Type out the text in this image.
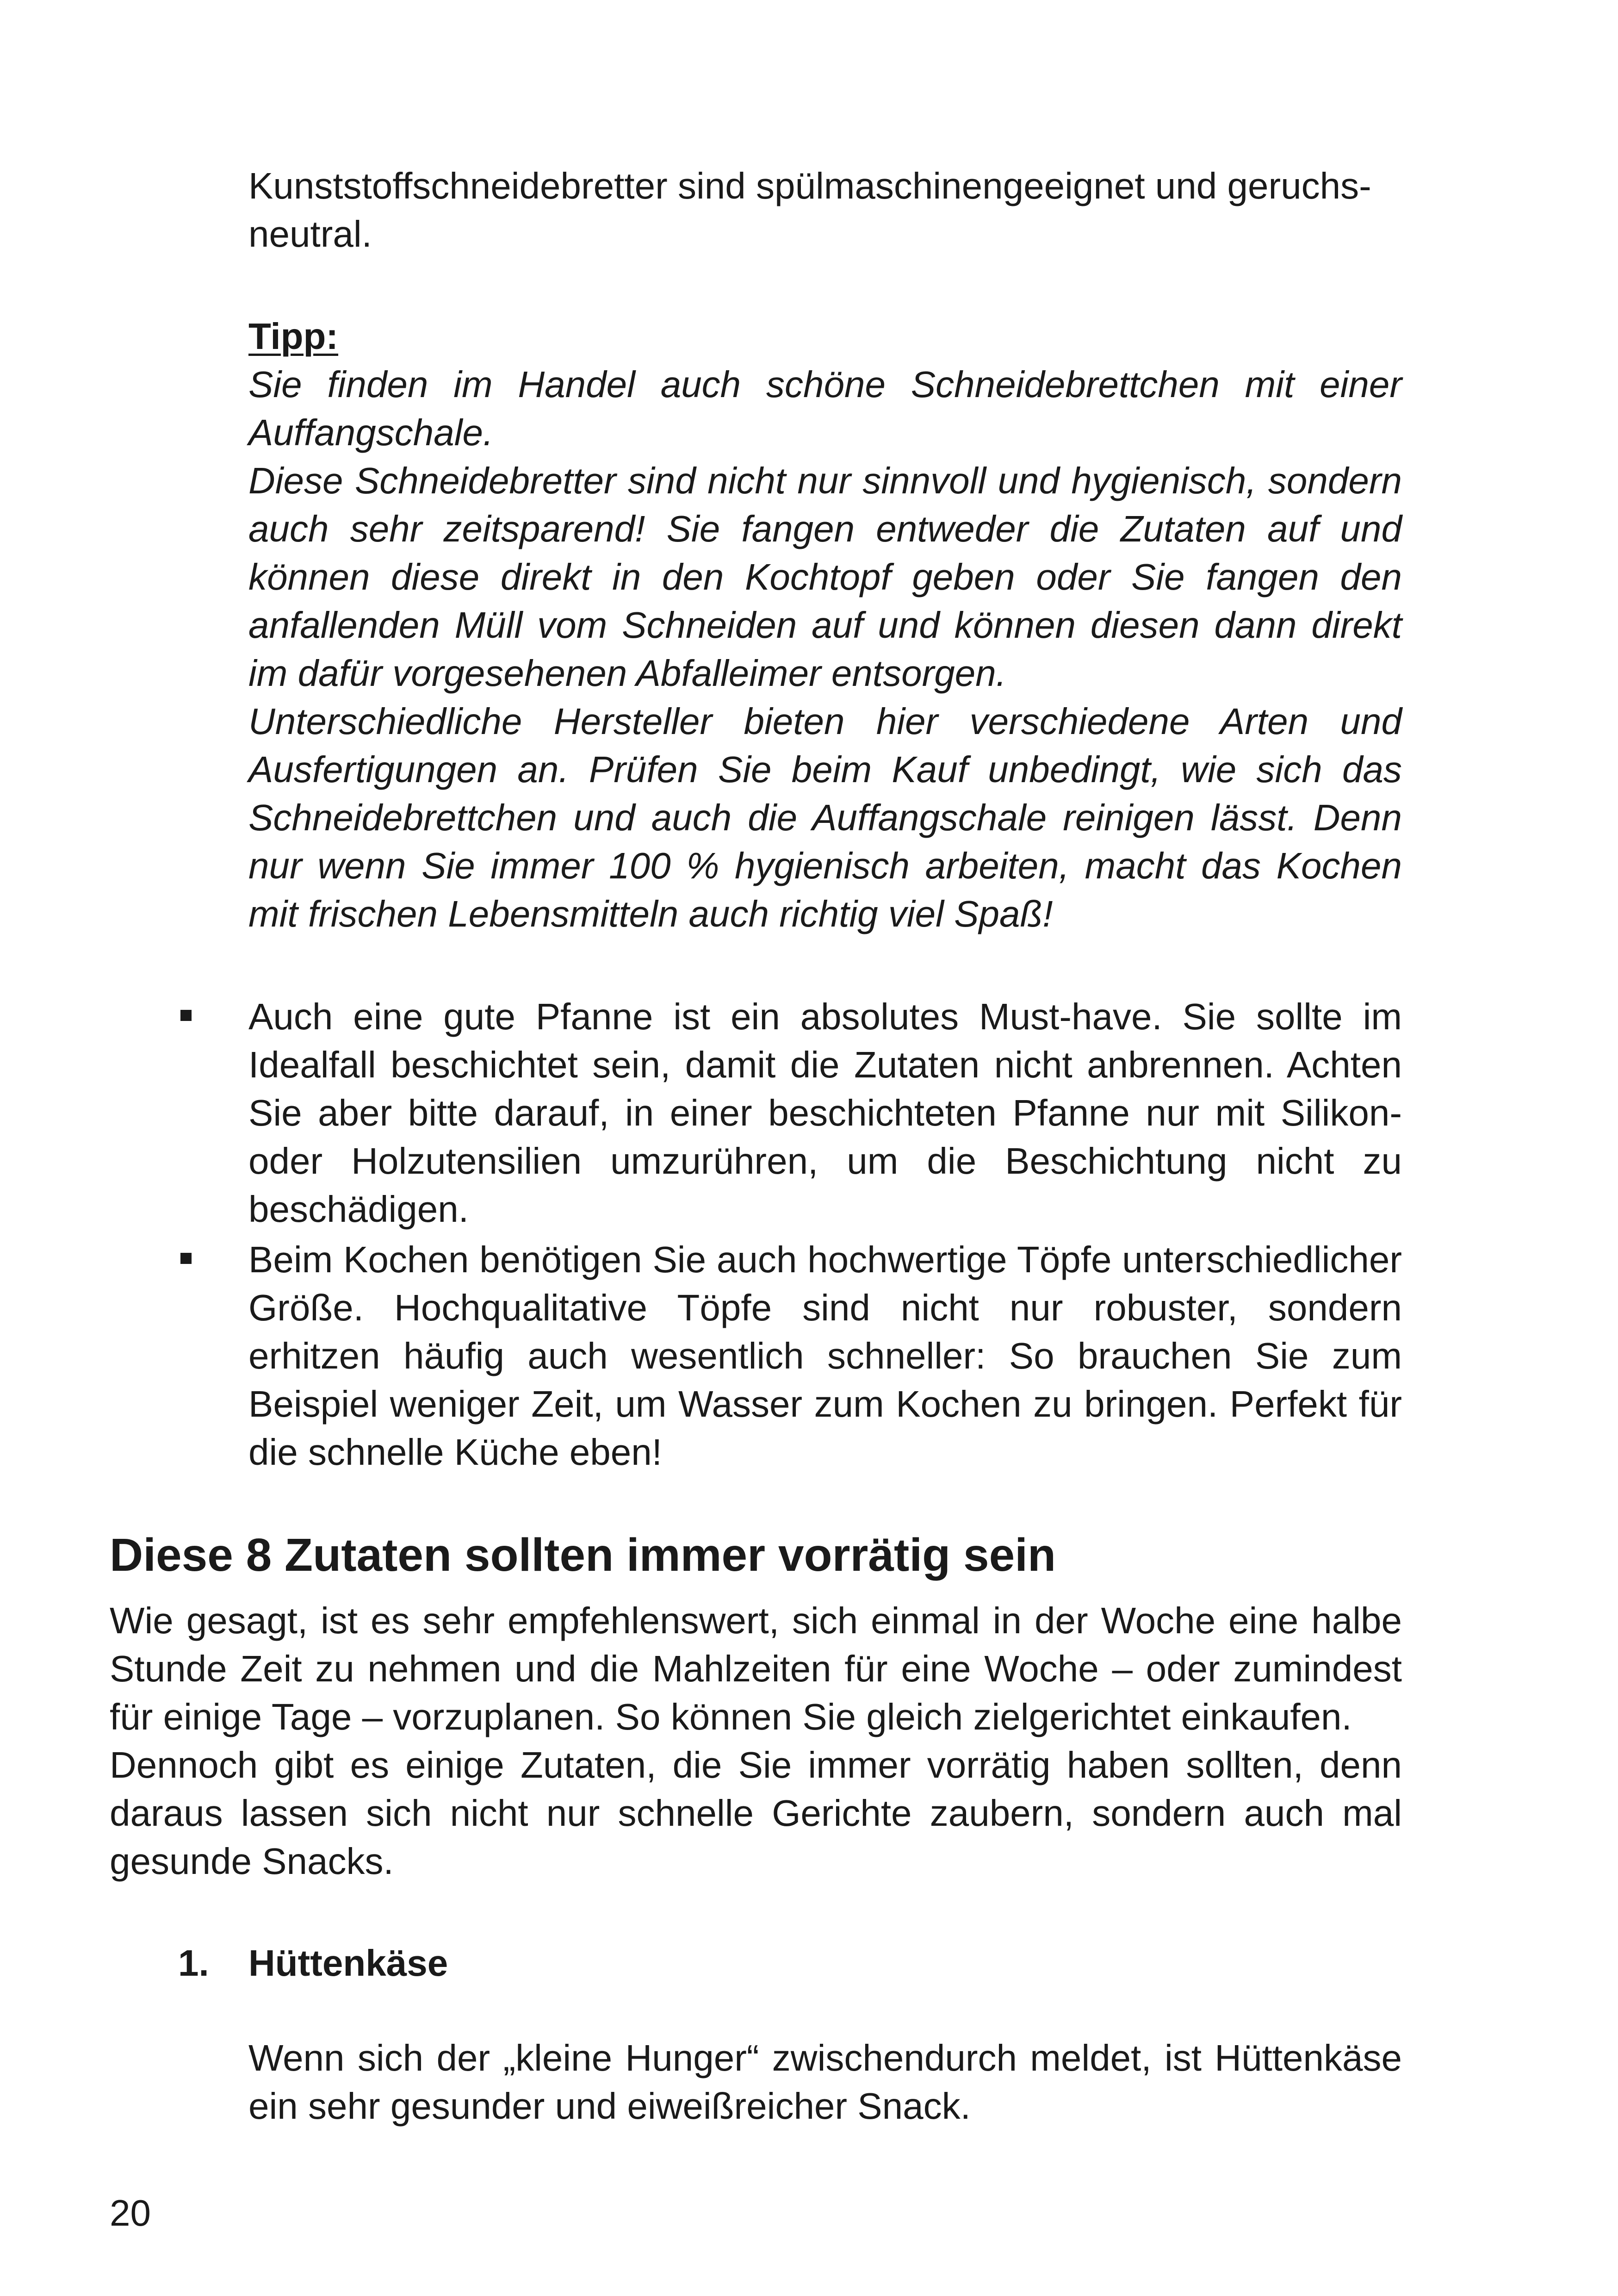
Kunststoffschneidebretter sind spülmaschinengeeignet und geruchs-

neutral.

Tipp:

Sie finden im Handel auch schöne Schneidebrettchen mit einer Auffangschale.

Diese Schneidebretter sind nicht nur sinnvoll und hygienisch, sondern auch sehr zeitsparend! Sie fangen entweder die Zutaten auf und können diese direkt in den Kochtopf geben oder Sie fangen den anfallenden Müll vom Schneiden auf und können diesen dann direkt im dafür vorgesehenen Abfalleimer entsorgen.

Unterschiedliche Hersteller bieten hier verschiedene Arten und Ausfertigungen an. Prüfen Sie beim Kauf unbedingt, wie sich das Schneidebrettchen und auch die Auffangschale reinigen lässt. Denn nur wenn Sie immer 100 % hygienisch arbeiten, macht das Kochen mit frischen Lebensmitteln auch richtig viel Spaß!

Auch eine gute Pfanne ist ein absolutes Must-have. Sie sollte im Idealfall beschichtet sein, damit die Zutaten nicht anbrennen. Achten Sie aber bitte darauf, in einer beschichteten Pfanne nur mit Silikon- oder Holzutensilien umzurühren, um die Beschichtung nicht zu beschädigen.

Beim Kochen benötigen Sie auch hochwertige Töpfe unterschiedlicher Größe. Hochqualitative Töpfe sind nicht nur robuster, sondern erhitzen häufig auch wesentlich schneller: So brauchen Sie zum Beispiel weniger Zeit, um Wasser zum Kochen zu bringen. Perfekt für die schnelle Küche eben!

Diese 8 Zutaten sollten immer vorrätig sein

Wie gesagt, ist es sehr empfehlenswert, sich einmal in der Woche eine halbe Stunde Zeit zu nehmen und die Mahlzeiten für eine Woche – oder zumindest für einige Tage – vorzuplanen. So können Sie gleich zielgerichtet einkaufen.

Dennoch gibt es einige Zutaten, die Sie immer vorrätig haben sollten, denn daraus lassen sich nicht nur schnelle Gerichte zaubern, sondern auch mal gesunde Snacks.

1. Hüttenkäse

Wenn sich der „kleine Hunger“ zwischendurch meldet, ist Hüttenkäse ein sehr gesunder und eiweißreicher Snack.

20
